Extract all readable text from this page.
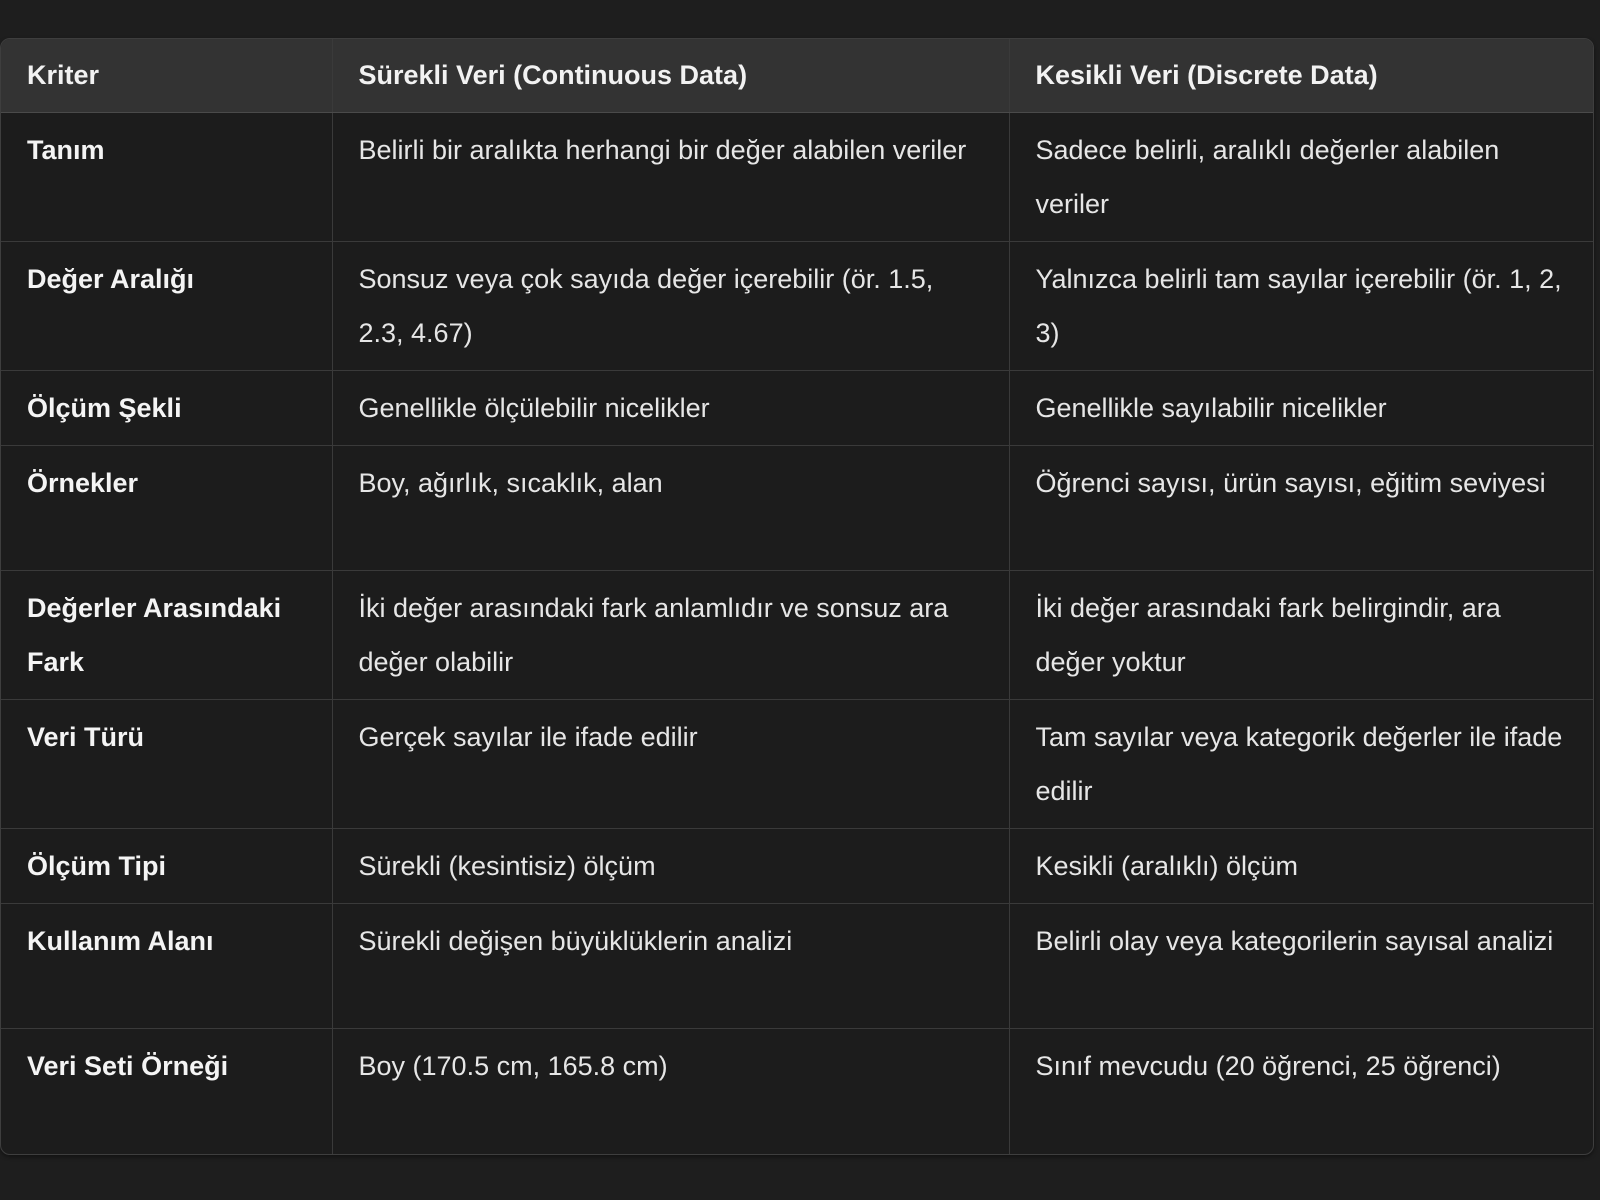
Kriter	Sürekli Veri (Continuous Data)	Kesikli Veri (Discrete Data)
Tanım	Belirli bir aralıkta herhangi bir değer alabilen veriler	Sadece belirli, aralıklı değerler alabilen veriler
Değer Aralığı	Sonsuz veya çok sayıda değer içerebilir (ör. 1.5, 2.3, 4.67)	Yalnızca belirli tam sayılar içerebilir (ör. 1, 2, 3)
Ölçüm Şekli	Genellikle ölçülebilir nicelikler	Genellikle sayılabilir nicelikler
Örnekler	Boy, ağırlık, sıcaklık, alan	Öğrenci sayısı, ürün sayısı, eğitim seviyesi
Değerler Arasındaki Fark	İki değer arasındaki fark anlamlıdır ve sonsuz ara değer olabilir	İki değer arasındaki fark belirgindir, ara değer yoktur
Veri Türü	Gerçek sayılar ile ifade edilir	Tam sayılar veya kategorik değerler ile ifade edilir
Ölçüm Tipi	Sürekli (kesintisiz) ölçüm	Kesikli (aralıklı) ölçüm
Kullanım Alanı	Sürekli değişen büyüklüklerin analizi	Belirli olay veya kategorilerin sayısal analizi
Veri Seti Örneği	Boy (170.5 cm, 165.8 cm)	Sınıf mevcudu (20 öğrenci, 25 öğrenci)
